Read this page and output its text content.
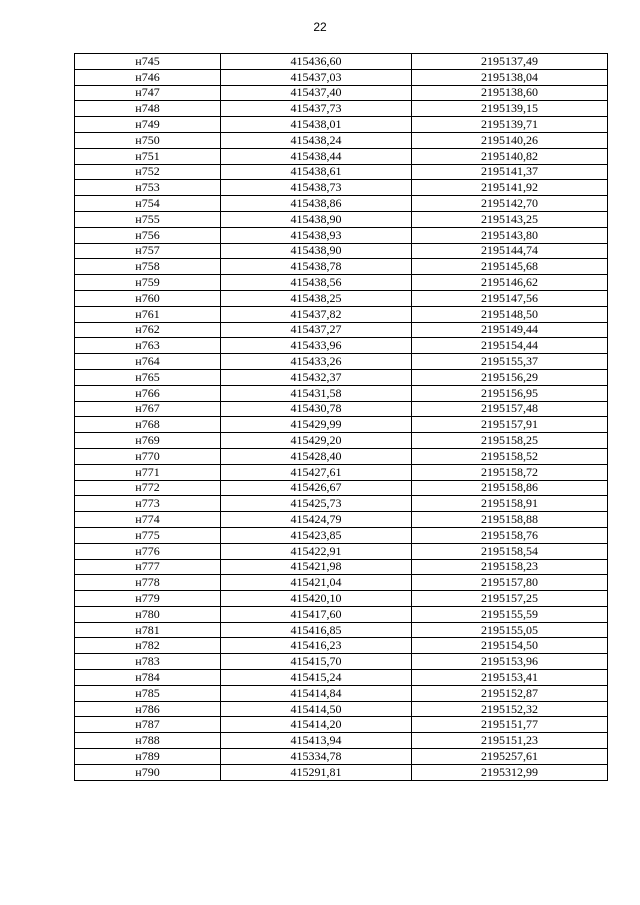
22
н745	415436,60	2195137,49
н746	415437,03	2195138,04
н747	415437,40	2195138,60
н748	415437,73	2195139,15
н749	415438,01	2195139,71
н750	415438,24	2195140,26
н751	415438,44	2195140,82
н752	415438,61	2195141,37
н753	415438,73	2195141,92
н754	415438,86	2195142,70
н755	415438,90	2195143,25
н756	415438,93	2195143,80
н757	415438,90	2195144,74
н758	415438,78	2195145,68
н759	415438,56	2195146,62
н760	415438,25	2195147,56
н761	415437,82	2195148,50
н762	415437,27	2195149,44
н763	415433,96	2195154,44
н764	415433,26	2195155,37
н765	415432,37	2195156,29
н766	415431,58	2195156,95
н767	415430,78	2195157,48
н768	415429,99	2195157,91
н769	415429,20	2195158,25
н770	415428,40	2195158,52
н771	415427,61	2195158,72
н772	415426,67	2195158,86
н773	415425,73	2195158,91
н774	415424,79	2195158,88
н775	415423,85	2195158,76
н776	415422,91	2195158,54
н777	415421,98	2195158,23
н778	415421,04	2195157,80
н779	415420,10	2195157,25
н780	415417,60	2195155,59
н781	415416,85	2195155,05
н782	415416,23	2195154,50
н783	415415,70	2195153,96
н784	415415,24	2195153,41
н785	415414,84	2195152,87
н786	415414,50	2195152,32
н787	415414,20	2195151,77
н788	415413,94	2195151,23
н789	415334,78	2195257,61
н790	415291,81	2195312,99
